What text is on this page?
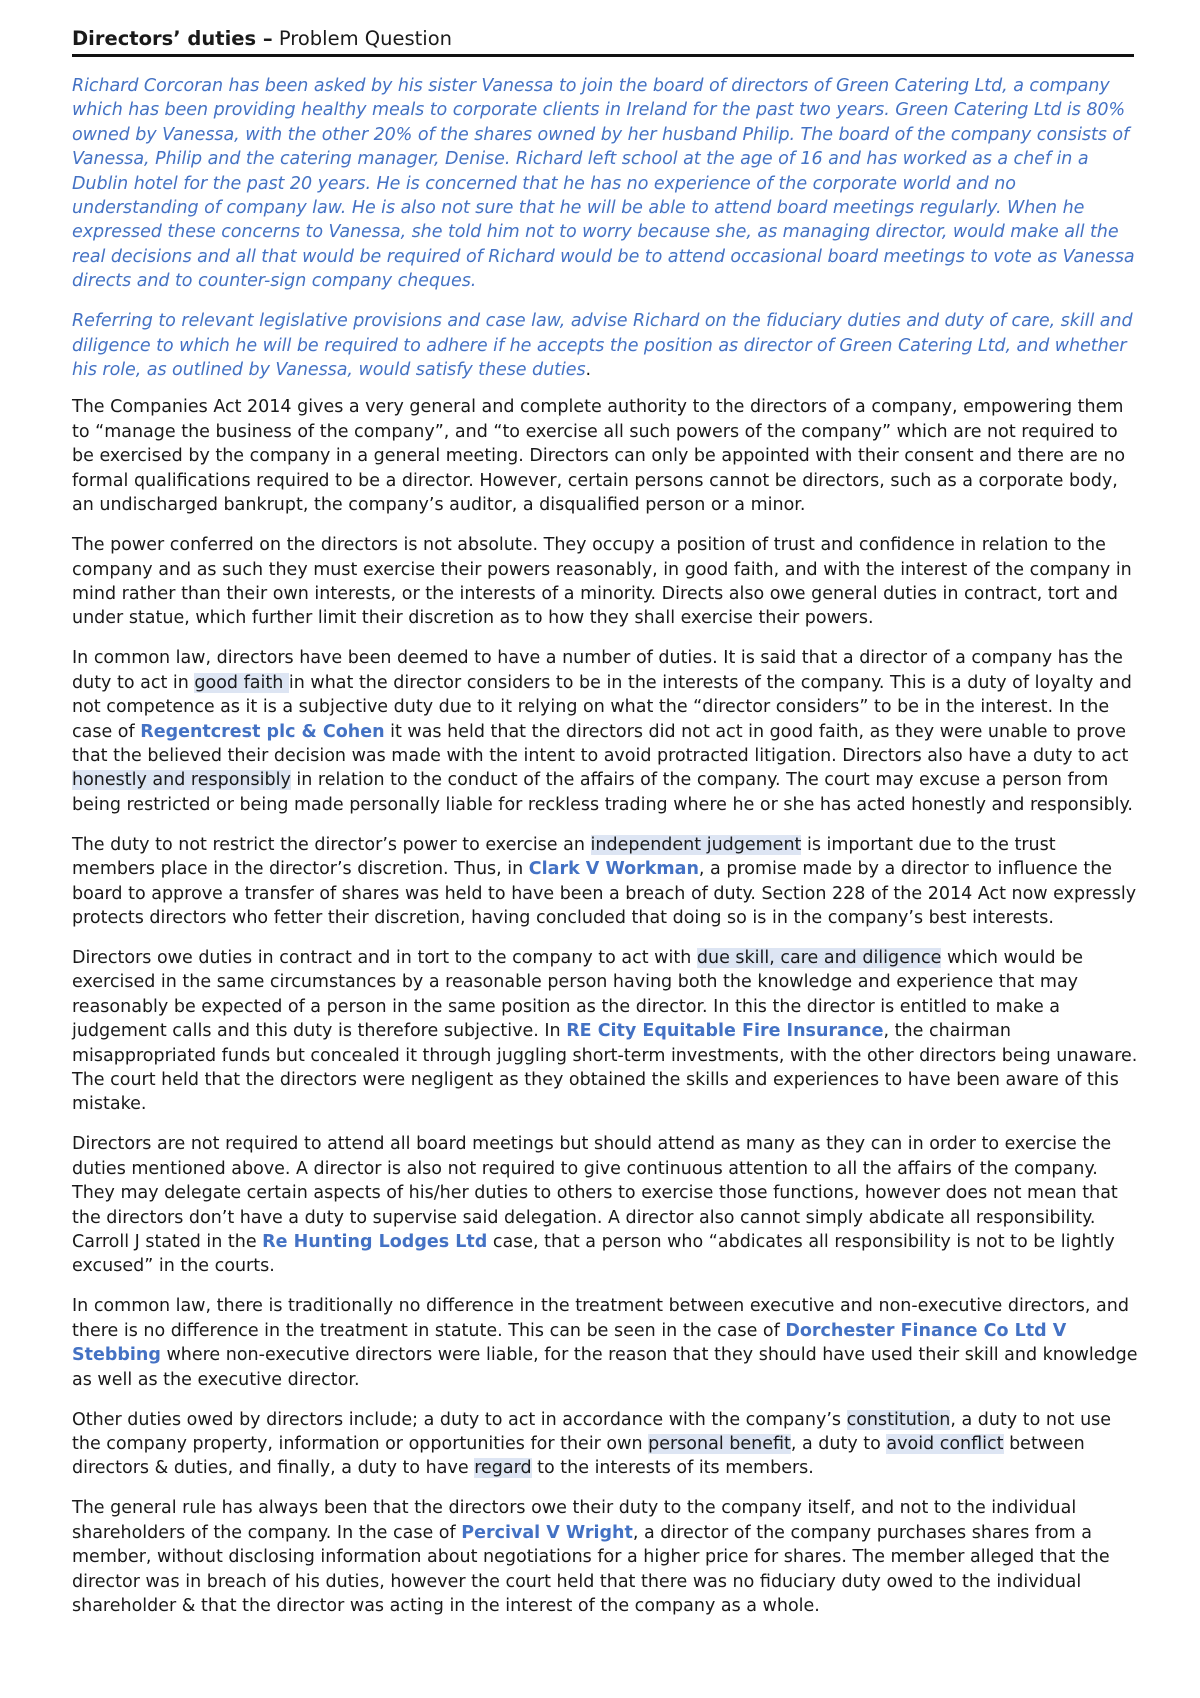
Directors’ duties – Problem Question

Richard Corcoran has been asked by his sister Vanessa to join the board of directors of Green Catering Ltd, a company which has been providing healthy meals to corporate clients in Ireland for the past two years. Green Catering Ltd is 80% owned by Vanessa, with the other 20% of the shares owned by her husband Philip. The board of the company consists of Vanessa, Philip and the catering manager, Denise. Richard left school at the age of 16 and has worked as a chef in a Dublin hotel for the past 20 years. He is concerned that he has no experience of the corporate world and no understanding of company law. He is also not sure that he will be able to attend board meetings regularly. When he expressed these concerns to Vanessa, she told him not to worry because she, as managing director, would make all the real decisions and all that would be required of Richard would be to attend occasional board meetings to vote as Vanessa directs and to counter-sign company cheques.

Referring to relevant legislative provisions and case law, advise Richard on the fiduciary duties and duty of care, skill and diligence to which he will be required to adhere if he accepts the position as director of Green Catering Ltd, and whether his role, as outlined by Vanessa, would satisfy these duties.

The Companies Act 2014 gives a very general and complete authority to the directors of a company, empowering them to “manage the business of the company”, and “to exercise all such powers of the company” which are not required to be exercised by the company in a general meeting. Directors can only be appointed with their consent and there are no formal qualifications required to be a director. However, certain persons cannot be directors, such as a corporate body, an undischarged bankrupt, the company’s auditor, a disqualified person or a minor.

The power conferred on the directors is not absolute. They occupy a position of trust and confidence in relation to the company and as such they must exercise their powers reasonably, in good faith, and with the interest of the company in mind rather than their own interests, or the interests of a minority. Directs also owe general duties in contract, tort and under statue, which further limit their discretion as to how they shall exercise their powers.

In common law, directors have been deemed to have a number of duties. It is said that a director of a company has the duty to act in good faith in what the director considers to be in the interests of the company. This is a duty of loyalty and not competence as it is a subjective duty due to it relying on what the “director considers” to be in the interest. In the case of Regentcrest plc & Cohen it was held that the directors did not act in good faith, as they were unable to prove that the believed their decision was made with the intent to avoid protracted litigation. Directors also have a duty to act honestly and responsibly in relation to the conduct of the affairs of the company. The court may excuse a person from being restricted or being made personally liable for reckless trading where he or she has acted honestly and responsibly.

The duty to not restrict the director’s power to exercise an independent judgement is important due to the trust members place in the director’s discretion. Thus, in Clark V Workman, a promise made by a director to influence the board to approve a transfer of shares was held to have been a breach of duty. Section 228 of the 2014 Act now expressly protects directors who fetter their discretion, having concluded that doing so is in the company’s best interests.

Directors owe duties in contract and in tort to the company to act with due skill, care and diligence which would be exercised in the same circumstances by a reasonable person having both the knowledge and experience that may reasonably be expected of a person in the same position as the director. In this the director is entitled to make a judgement calls and this duty is therefore subjective. In RE City Equitable Fire Insurance, the chairman misappropriated funds but concealed it through juggling short-term investments, with the other directors being unaware. The court held that the directors were negligent as they obtained the skills and experiences to have been aware of this mistake.

Directors are not required to attend all board meetings but should attend as many as they can in order to exercise the duties mentioned above. A director is also not required to give continuous attention to all the affairs of the company. They may delegate certain aspects of his/her duties to others to exercise those functions, however does not mean that the directors don’t have a duty to supervise said delegation. A director also cannot simply abdicate all responsibility. Carroll J stated in the Re Hunting Lodges Ltd case, that a person who “abdicates all responsibility is not to be lightly excused” in the courts.

In common law, there is traditionally no difference in the treatment between executive and non-executive directors, and there is no difference in the treatment in statute. This can be seen in the case of Dorchester Finance Co Ltd V Stebbing where non-executive directors were liable, for the reason that they should have used their skill and knowledge as well as the executive director.

Other duties owed by directors include; a duty to act in accordance with the company’s constitution, a duty to not use the company property, information or opportunities for their own personal benefit, a duty to avoid conflict between directors & duties, and finally, a duty to have regard to the interests of its members.

The general rule has always been that the directors owe their duty to the company itself, and not to the individual shareholders of the company. In the case of Percival V Wright, a director of the company purchases shares from a member, without disclosing information about negotiations for a higher price for shares. The member alleged that the director was in breach of his duties, however the court held that there was no fiduciary duty owed to the individual shareholder & that the director was acting in the interest of the company as a whole.
